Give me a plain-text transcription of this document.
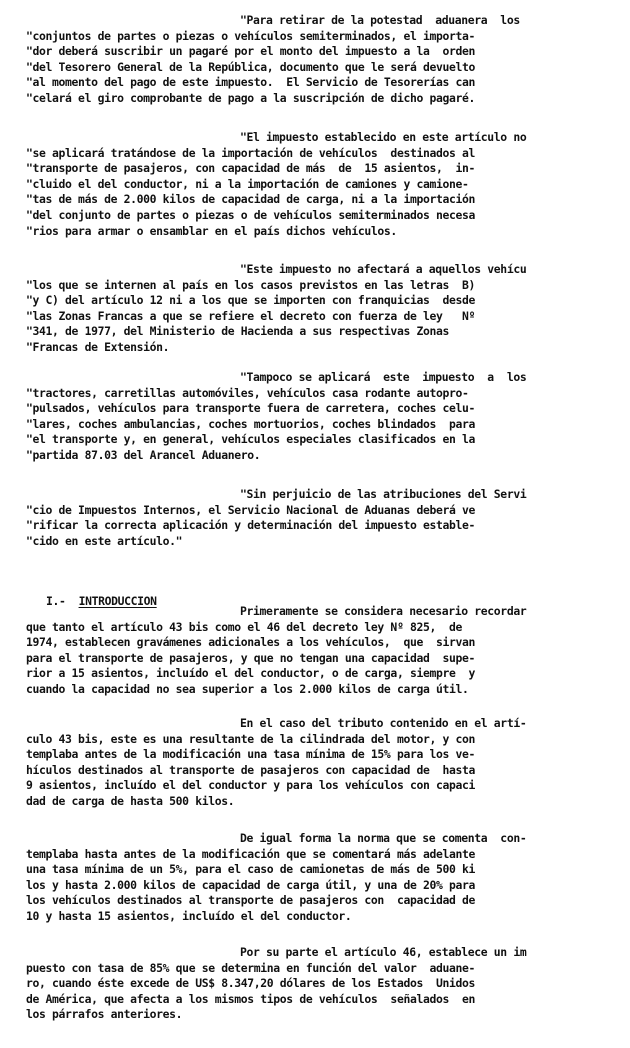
"Para retirar de la potestad  aduanera  los
"conjuntos de partes o piezas o vehículos semiterminados, el importa-
"dor deberá suscribir un pagaré por el monto del impuesto a la  orden
"del Tesorero General de la República, documento que le será devuelto
"al momento del pago de este impuesto.  El Servicio de Tesorerías can
"celará el giro comprobante de pago a la suscripción de dicho pagaré.
"El impuesto establecido en este artículo no
"se aplicará tratándose de la importación de vehículos  destinados al
"transporte de pasajeros, con capacidad de más  de  15 asientos,  in-
"cluido el del conductor, ni a la importación de camiones y camione-
"tas de más de 2.000 kilos de capacidad de carga, ni a la importación
"del conjunto de partes o piezas o de vehículos semiterminados necesa
"rios para armar o ensamblar en el país dichos vehículos.
"Este impuesto no afectará a aquellos vehícu
"los que se internen al país en los casos previstos en las letras  B)
"y C) del artículo 12 ni a los que se importen con franquicias  desde
"las Zonas Francas a que se refiere el decreto con fuerza de ley   Nº
"341, de 1977, del Ministerio de Hacienda a sus respectivas Zonas
"Francas de Extensión.
"Tampoco se aplicará  este  impuesto  a  los
"tractores, carretillas automóviles, vehículos casa rodante autopro-
"pulsados, vehículos para transporte fuera de carretera, coches celu-
"lares, coches ambulancias, coches mortuorios, coches blindados  para
"el transporte y, en general, vehículos especiales clasificados en la
"partida 87.03 del Arancel Aduanero.
"Sin perjuicio de las atribuciones del Servi
"cio de Impuestos Internos, el Servicio Nacional de Aduanas deberá ve
"rificar la correcta aplicación y determinación del impuesto estable-
"cido en este artículo."

I.- INTRODUCCION

Primeramente se considera necesario recordar
que tanto el artículo 43 bis como el 46 del decreto ley Nº 825,  de
1974, establecen gravámenes adicionales a los vehículos,  que  sirvan
para el transporte de pasajeros, y que no tengan una capacidad  supe-
rior a 15 asientos, incluído el del conductor, o de carga, siempre  y
cuando la capacidad no sea superior a los 2.000 kilos de carga útil.
En el caso del tributo contenido en el artí-
culo 43 bis, este es una resultante de la cilindrada del motor, y con
templaba antes de la modificación una tasa mínima de 15% para los ve-
hículos destinados al transporte de pasajeros con capacidad de  hasta
9 asientos, incluído el del conductor y para los vehículos con capaci
dad de carga de hasta 500 kilos.
De igual forma la norma que se comenta  con-
templaba hasta antes de la modificación que se comentará más adelante
una tasa mínima de un 5%, para el caso de camionetas de más de 500 ki
los y hasta 2.000 kilos de capacidad de carga útil, y una de 20% para
los vehículos destinados al transporte de pasajeros con  capacidad de
10 y hasta 15 asientos, incluído el del conductor.
Por su parte el artículo 46, establece un im
puesto con tasa de 85% que se determina en función del valor  aduane-
ro, cuando éste excede de US$ 8.347,20 dólares de los Estados  Unidos
de América, que afecta a los mismos tipos de vehículos  señalados  en
los párrafos anteriores.
